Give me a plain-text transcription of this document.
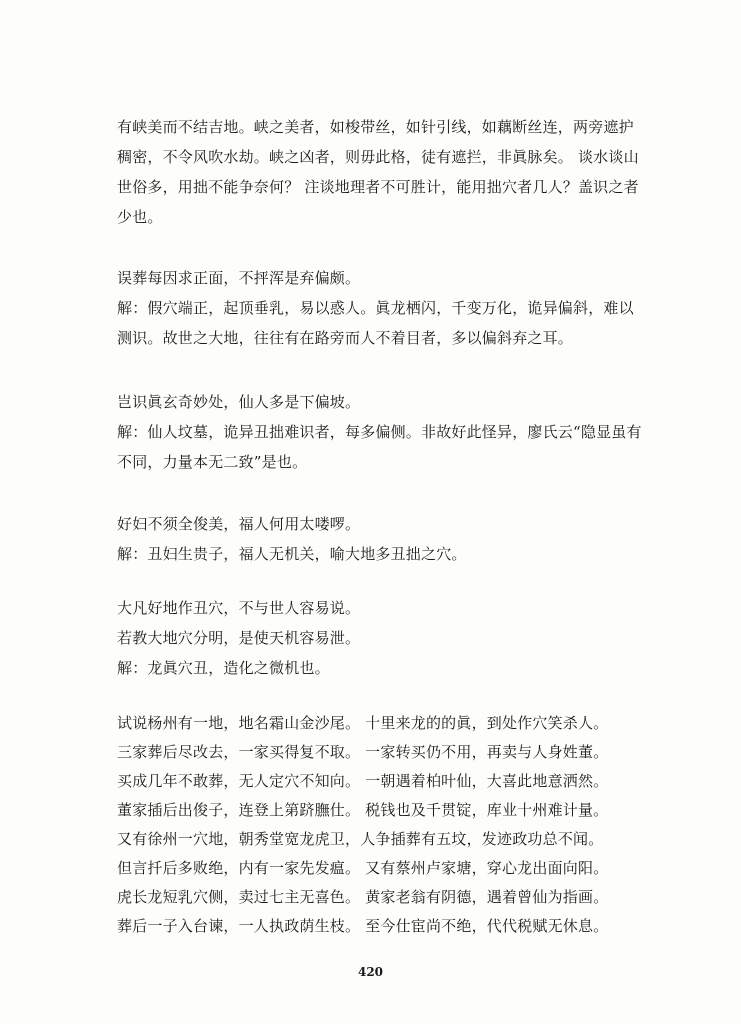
有峡美而不结吉地。峡之美者，如梭带丝，如针引线，如藕断丝连，两旁遮护
稠密，不令风吹水劫。峡之凶者，则毋此格，徒有遮拦，非眞脉矣。 谈水谈山
世俗多，用拙不能争奈何？ 注谈地理者不可胜计，能用拙穴者几人？盖识之者
少也。
误葬每因求正面，不抨浑是弃偏颇。
解：假穴端正，起顶垂乳，易以惑人。眞龙栖闪，千变万化，诡异偏斜，难以
测识。故世之大地，往往有在路旁而人不着目者，多以偏斜弃之耳。
岂识眞玄奇妙处，仙人多是下偏坡。
解：仙人坟墓，诡异丑拙难识者，每多偏侧。非故好此怪异，廖氏云“隐显虽有
不同，力量本无二致”是也。
好妇不须全俊美，福人何用太喽啰。
解：丑妇生贵子，福人无机关，喻大地多丑拙之穴。
大凡好地作丑穴，不与世人容易说。
若教大地穴分明，是使天机容易泄。
解：龙眞穴丑，造化之微机也。
试说杨州有一地，地名霜山金沙尾。 十里来龙的的眞，到处作穴笑杀人。
三家葬后尽改去，一家买得复不取。 一家转买仍不用，再卖与人身姓董。
买成几年不敢葬，无人定穴不知向。 一朝遇着柏叶仙，大喜此地意洒然。
董家插后出俊子，连登上第跻膴仕。 税钱也及千贯锭，库业十州难计量。
又有徐州一穴地，朝秀堂宽龙虎卫，人争插葬有五坟，发迹政功总不闻。
但言扦后多败绝，内有一家先发瘟。 又有蔡州卢家塘，穿心龙出面向阳。
虎长龙短乳穴侧，卖过七主无喜色。 黄家老翁有阴德，遇着曾仙为指画。
葬后一子入台谏，一人执政荫生枝。 至今仕宦尚不绝，代代税赋无休息。
420
